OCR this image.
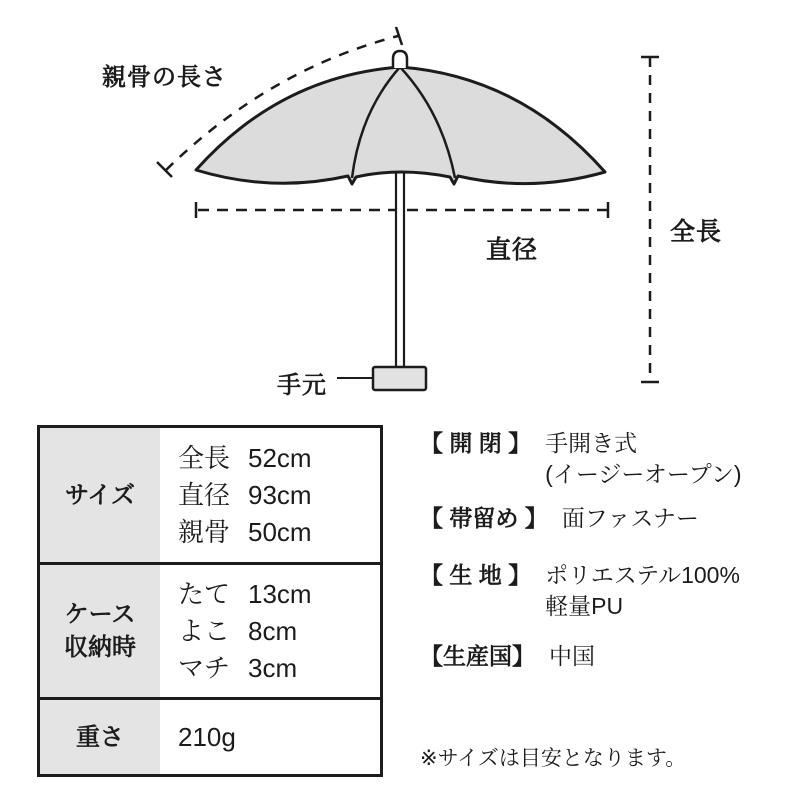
親骨の長さ
全長
直径
手元
サイズ
全長 52cm
直径 93cm
親骨 50cm
ケース
収納時
たて 13cm
よこ 8cm
マチ 3cm
重さ 210g
【 開 閉 】 手開き式
(イージーオープン)
【 帯留め 】 面ファスナー
【 生 地 】 ポリエステル100%
軽量PU
【生産国】 中国
※サイズは目安となります。
